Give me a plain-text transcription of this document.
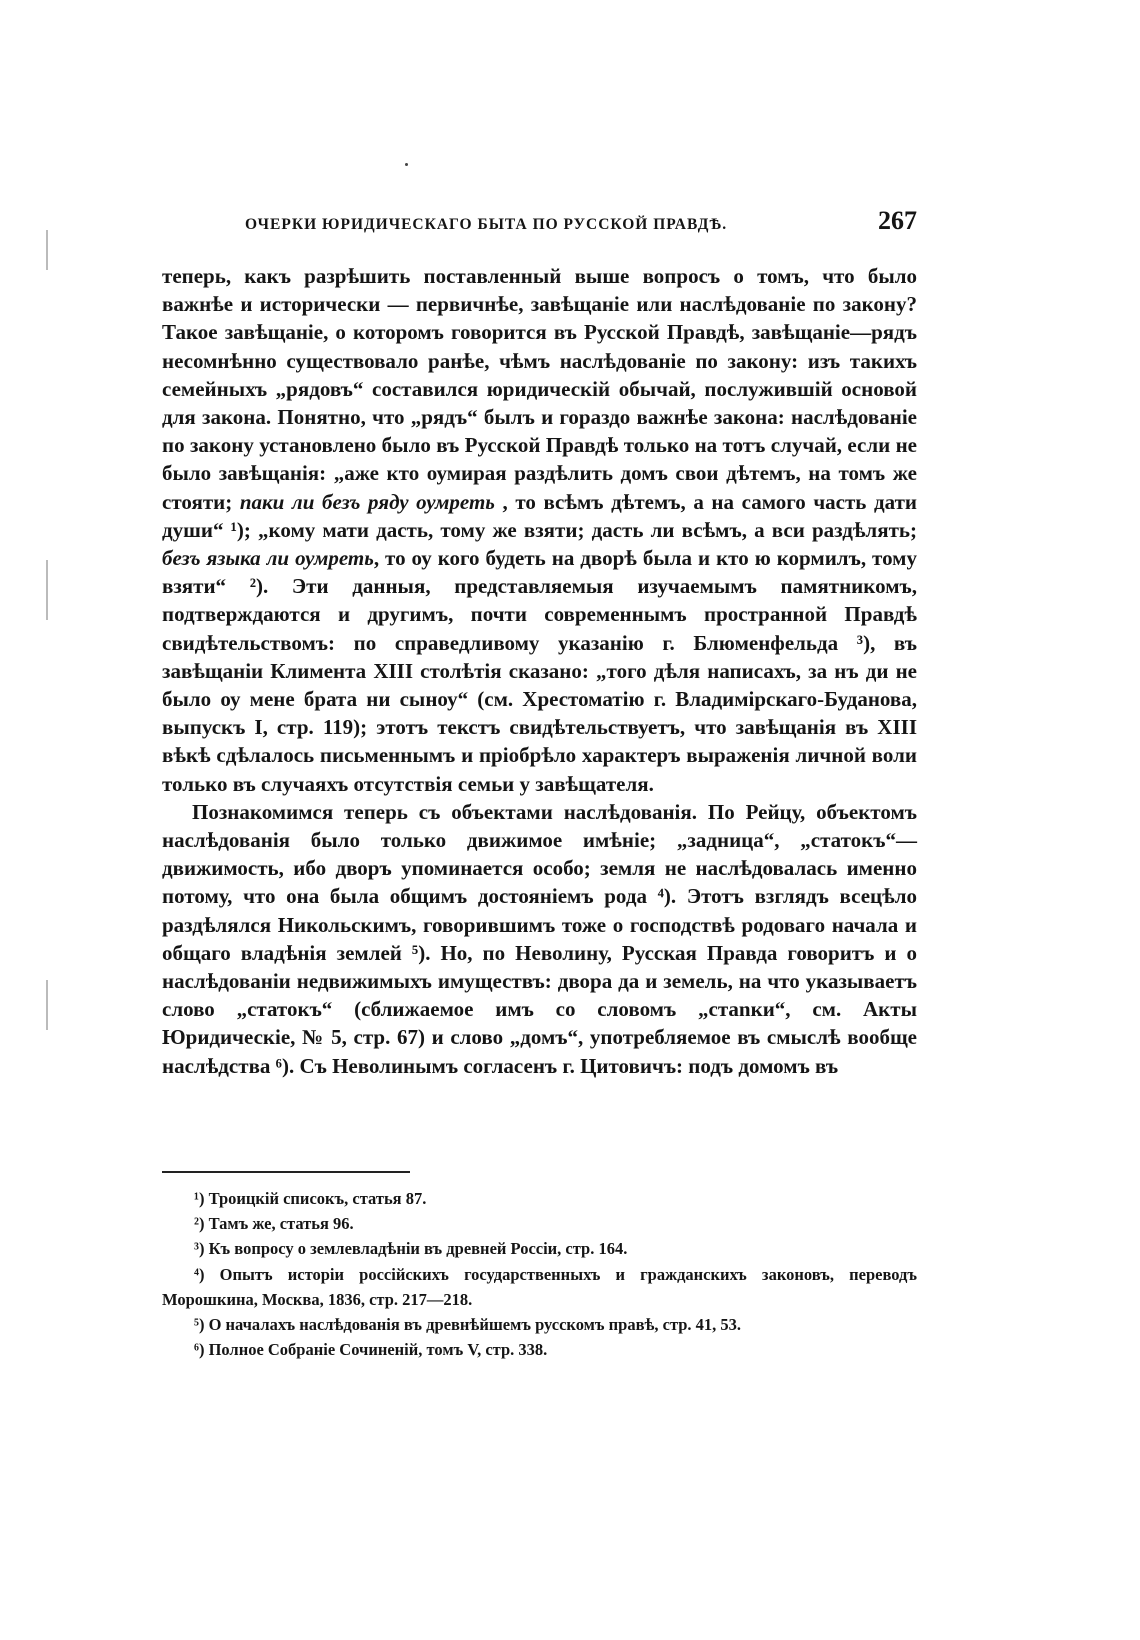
ОЧЕРКИ ЮРИДИЧЕСКАГО БЫТА ПО РУССКОЙ ПРАВДѢ.	267

теперь, какъ разрѣшить поставленный выше вопросъ о томъ, что было важнѣе и исторически — первичнѣе, завѣщаніе или наслѣдованіе по закону? Такое завѣщаніе, о которомъ говорится въ Русской Правдѣ, завѣщаніе—рядъ несомнѣнно существовало ранѣе, чѣмъ наслѣдованіе по закону: изъ такихъ семейныхъ „рядовъ“ составился юридическій обычай, послужившій основой для закона. Понятно, что „рядъ“ былъ и гораздо важнѣе закона: наслѣдованіе по закону установлено было въ Русской Правдѣ только на тотъ случай, если не было завѣщанія: „аже кто оумирая раздѣлить домъ свои дѣтемъ, на томъ же стояти; паки ли безъ ряду оумреть , то всѣмъ дѣтемъ, а на самого часть дати души“ ¹); „кому мати дасть, тому же взяти; дасть ли всѣмъ, а вси раздѣлять; безъ языка ли оумреть, то оу кого будеть на дворѣ была и кто ю кормилъ, тому взяти“ ²). Эти данныя, представляемыя изучаемымъ памятникомъ, подтверждаются и другимъ, почти современнымъ пространной Правдѣ свидѣтельствомъ: по справедливому указанію г. Блюменфельда ³), въ завѣщаніи Климента XIII столѣтія сказано: „того дѣля написахъ, за нъ ди не было оу мене брата ни сыноу“ (см. Хрестоматію г. Владимірскаго-Буданова, выпускъ I, стр. 119); этотъ текстъ свидѣтельствуетъ, что завѣщанія въ XIII вѣкѣ сдѣлалось письменнымъ и пріобрѣло характеръ выраженія личной воли только въ случаяхъ отсутствія семьи у завѣщателя.

Познакомимся теперь съ объектами наслѣдованія. По Рейцу, объектомъ наслѣдованія было только движимое имѣніе; „задница“, „статокъ“—движимость, ибо дворъ упоминается особо; земля не наслѣдовалась именно потому, что она была общимъ достояніемъ рода ⁴). Этотъ взглядъ всецѣло раздѣлялся Никольскимъ, говорившимъ тоже о господствѣ родоваго начала и общаго владѣнія землей ⁵). Но, по Неволину, Русская Правда говоритъ и о наслѣдованіи недвижимыхъ имуществъ: двора да и земель, на что указываетъ слово „статокъ“ (сближаемое имъ со словомъ „стаnки“, см. Акты Юридическіе, № 5, стр. 67) и слово „домъ“, употребляемое въ смыслѣ вообще наслѣдства ⁶). Съ Неволинымъ согласенъ г. Цитовичъ: подъ домомъ въ

¹) Троицкій списокъ, статья 87.
²) Тамъ же, статья 96.
³) Къ вопросу о землевладѣніи въ древней Россіи, стр. 164.
⁴) Опытъ исторіи россійскихъ государственныхъ и гражданскихъ законовъ, переводъ Морошкина, Москва, 1836, стр. 217—218.
⁵) О началахъ наслѣдованія въ древнѣйшемъ русскомъ правѣ, стр. 41, 53.
⁶) Полное Собраніе Сочиненій, томъ V, стр. 338.
